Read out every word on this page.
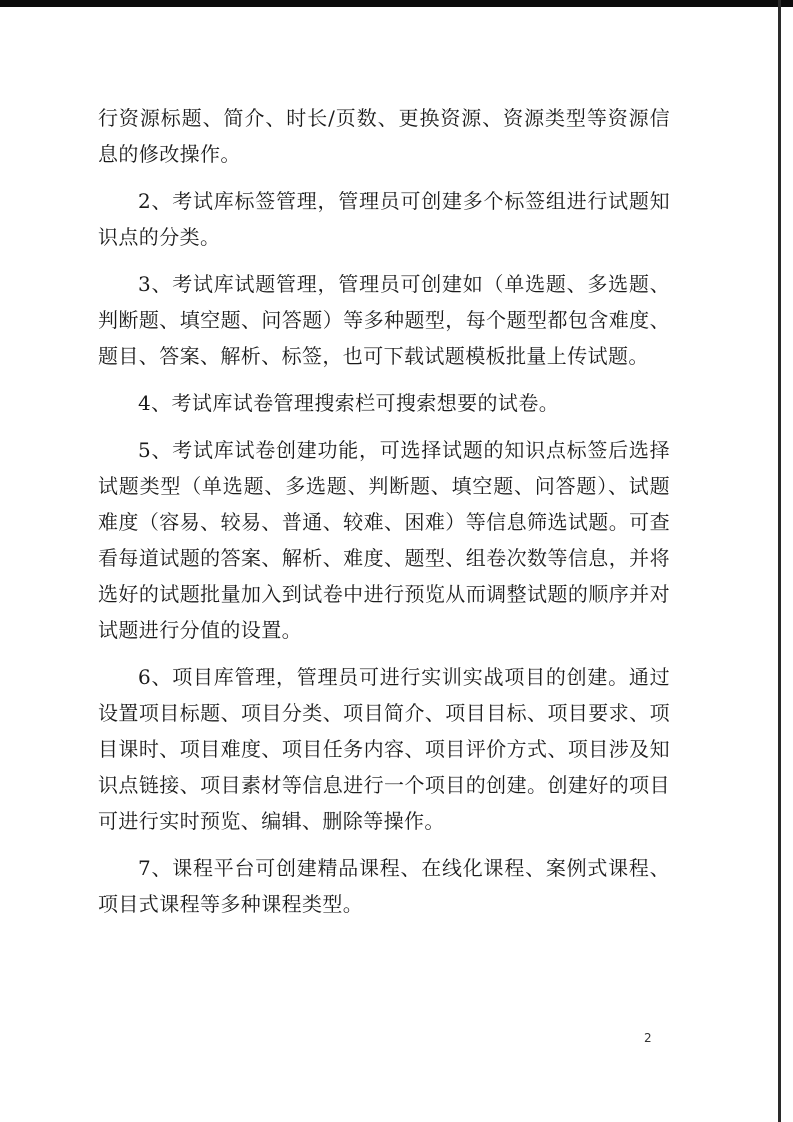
行资源标题、简介、时长/页数、更换资源、资源类型等资源信息的修改操作。

2、考试库标签管理，管理员可创建多个标签组进行试题知识点的分类。

3、考试库试题管理，管理员可创建如（单选题、多选题、判断题、填空题、问答题）等多种题型，每个题型都包含难度、题目、答案、解析、标签，也可下载试题模板批量上传试题。

4、考试库试卷管理搜索栏可搜索想要的试卷。

5、考试库试卷创建功能，可选择试题的知识点标签后选择试题类型（单选题、多选题、判断题、填空题、问答题）、试题难度（容易、较易、普通、较难、困难）等信息筛选试题。可查看每道试题的答案、解析、难度、题型、组卷次数等信息，并将选好的试题批量加入到试卷中进行预览从而调整试题的顺序并对试题进行分值的设置。

6、项目库管理，管理员可进行实训实战项目的创建。通过设置项目标题、项目分类、项目简介、项目目标、项目要求、项目课时、项目难度、项目任务内容、项目评价方式、项目涉及知识点链接、项目素材等信息进行一个项目的创建。创建好的项目可进行实时预览、编辑、删除等操作。

7、课程平台可创建精品课程、在线化课程、案例式课程、项目式课程等多种课程类型。

2
